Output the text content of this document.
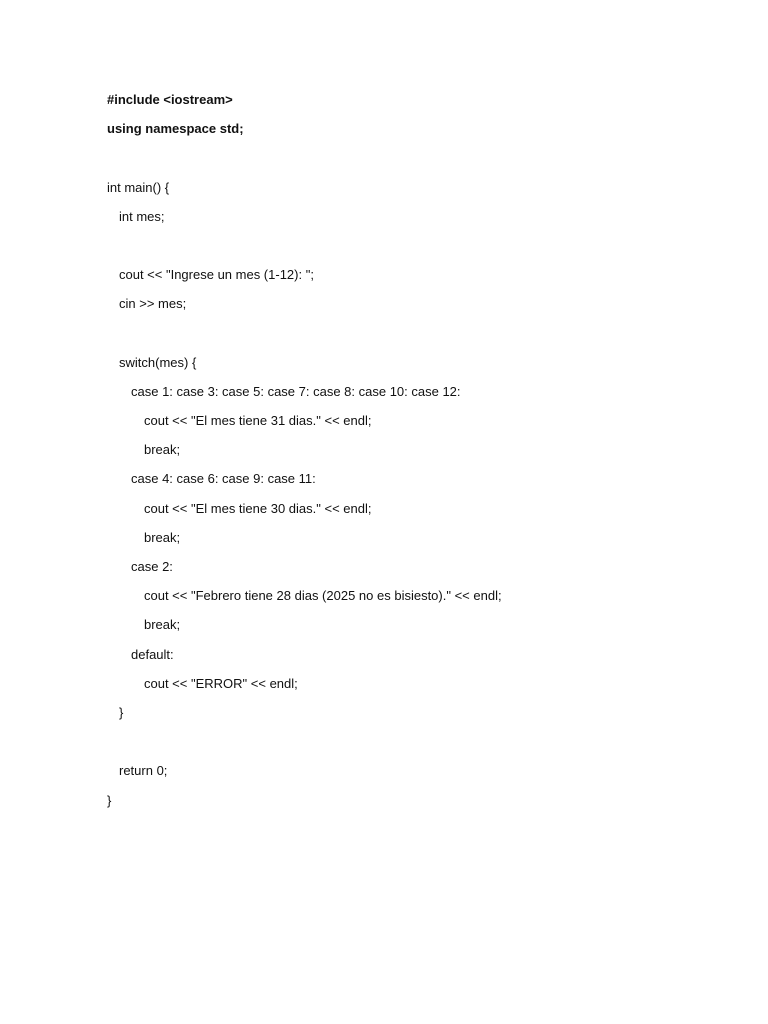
#include <iostream>
using namespace std;
int main() {
int mes;
cout << "Ingrese un mes (1-12): ";
cin >> mes;
switch(mes) {
case 1: case 3: case 5: case 7: case 8: case 10: case 12:
cout << "El mes tiene 31 dias." << endl;
break;
case 4: case 6: case 9: case 11:
cout << "El mes tiene 30 dias." << endl;
break;
case 2:
cout << "Febrero tiene 28 dias (2025 no es bisiesto)." << endl;
break;
default:
cout << "ERROR" << endl;
}
return 0;
}
